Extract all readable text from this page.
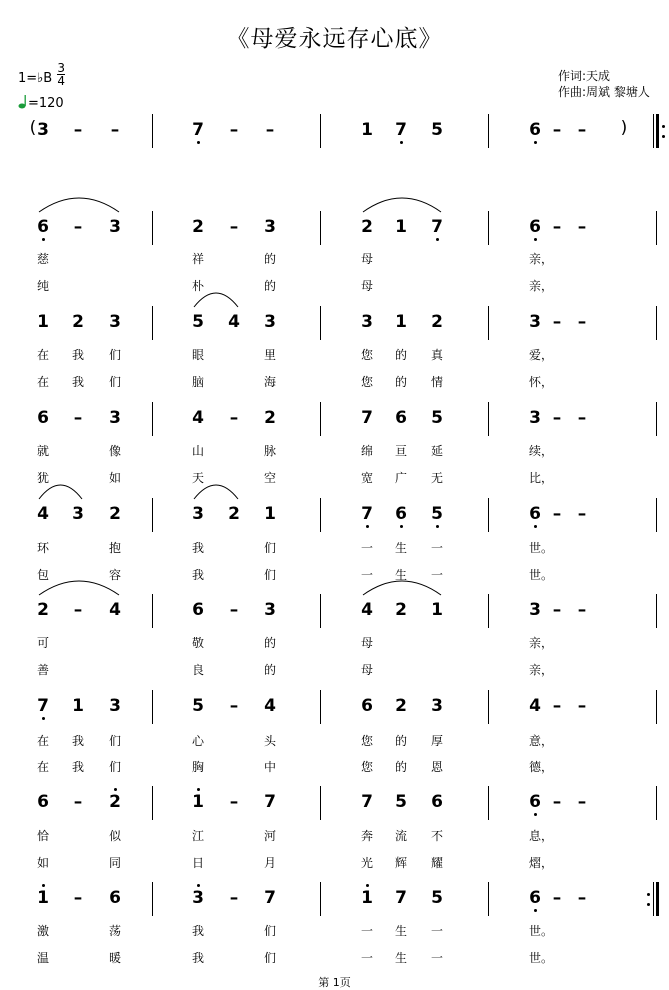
《母爱永远存心底》
1=♭B $\frac{3}{4}$
=120
作词:天成
作曲:周斌 黎塘人
3	–	–	7	–	–	1	7	5	6 – –
6	–	3	2	–	3	2	1	7	6 – –
慈	祥	的	母	亲，
纯	朴	的	母	亲，
1	2	3	5	4	3	3	1	2	3 – –
在	我	们	眼	里	您	的	真	爱，
在	我	们	脑	海	您	的	情	怀，
6	–	3	4	–	2	7	6	5	3 – –
就	像	山	脉	绵	亘	延	续，
犹	如	天	空	宽	广	无	比，
4	3	2	3	2	1	7	6	5	6 – –
环	抱	我	们	一	生	一	世。
包	容	我	们	一	生	一	世。
2	–	4	6	–	3	4	2	1	3 – –
可	敬	的	母	亲，
善	良	的	母	亲，
7	1	3	5	–	4	6	2	3	4 – –
在	我	们	心	头	您	的	厚	意，
在	我	们	胸	中	您	的	恩	德，
6	–	2	1	–	7	7	5	6	6 – –
恰	似	江	河	奔	流	不	息，
如	同	日	月	光	辉	耀	熠，
1	–	6	3	–	7	1	7	5	6 – –
激	荡	我	们	一	生	一	世。
温	暖	我	们	一	生	一	世。
(	)
第 1页
